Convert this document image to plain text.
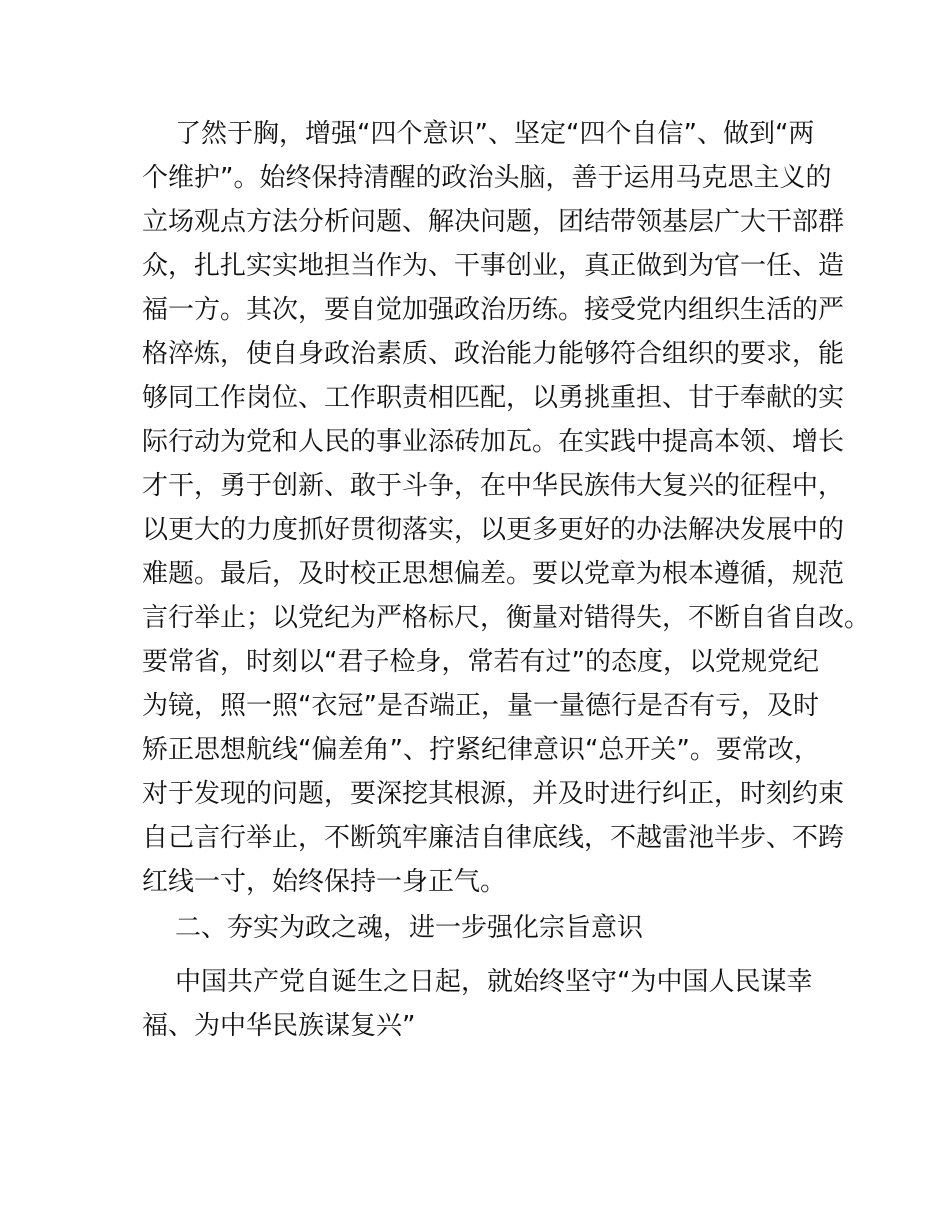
了然于胸，增强“四个意识”、坚定“四个自信”、做到“两

个维护”。始终保持清醒的政治头脑，善于运用马克思主义的

立场观点方法分析问题、解决问题，团结带领基层广大干部群

众，扎扎实实地担当作为、干事创业，真正做到为官一任、造

福一方。其次，要自觉加强政治历练。接受党内组织生活的严

格淬炼，使自身政治素质、政治能力能够符合组织的要求，能

够同工作岗位、工作职责相匹配，以勇挑重担、甘于奉献的实

际行动为党和人民的事业添砖加瓦。在实践中提高本领、增长

才干，勇于创新、敢于斗争，在中华民族伟大复兴的征程中，

以更大的力度抓好贯彻落实，以更多更好的办法解决发展中的

难题。最后，及时校正思想偏差。要以党章为根本遵循，规范

言行举止；以党纪为严格标尺，衡量对错得失，不断自省自改。

要常省，时刻以“君子检身，常若有过”的态度，以党规党纪

为镜，照一照“衣冠”是否端正，量一量德行是否有亏，及时

矫正思想航线“偏差角”、拧紧纪律意识“总开关”。要常改，

对于发现的问题，要深挖其根源，并及时进行纠正，时刻约束

自己言行举止，不断筑牢廉洁自律底线，不越雷池半步、不跨

红线一寸，始终保持一身正气。

二、夯实为政之魂，进一步强化宗旨意识

中国共产党自诞生之日起，就始终坚守“为中国人民谋幸

福、为中华民族谋复兴”
